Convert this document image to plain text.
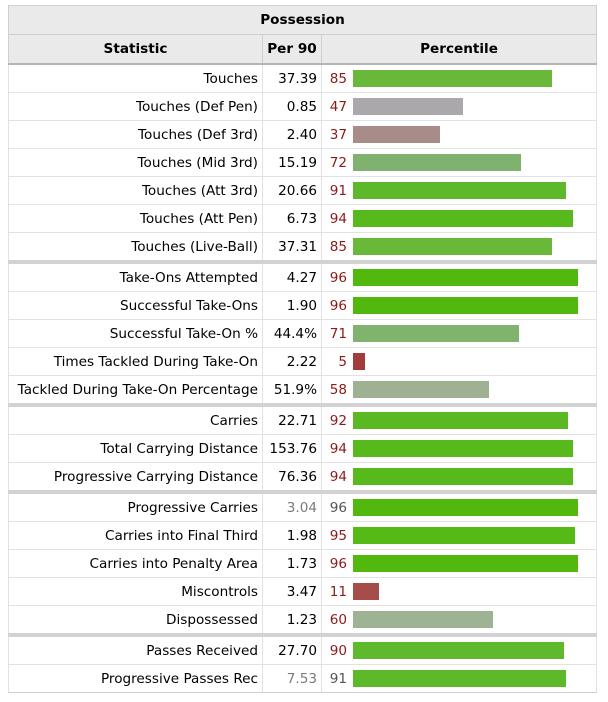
Possession		
Statistic	Per 90	Percentile
Touches	37.39	85

Touches (Def Pen)	0.85	47

Touches (Def 3rd)	2.40	37

Touches (Mid 3rd)	15.19	72

Touches (Att 3rd)	20.66	91

Touches (Att Pen)	6.73	94

Touches (Live-Ball)	37.31	85

Take-Ons Attempted	4.27	96

Successful Take-Ons	1.90	96

Successful Take-On %	44.4%	71

Times Tackled During Take-On	2.22	5

Tackled During Take-On Percentage	51.9%	58

Carries	22.71	92

Total Carrying Distance	153.76	94

Progressive Carrying Distance	76.36	94

Progressive Carries	3.04	96

Carries into Final Third	1.98	95

Carries into Penalty Area	1.73	96

Miscontrols	3.47	11

Dispossessed	1.23	60

Passes Received	27.70	90

Progressive Passes Rec	7.53	91
